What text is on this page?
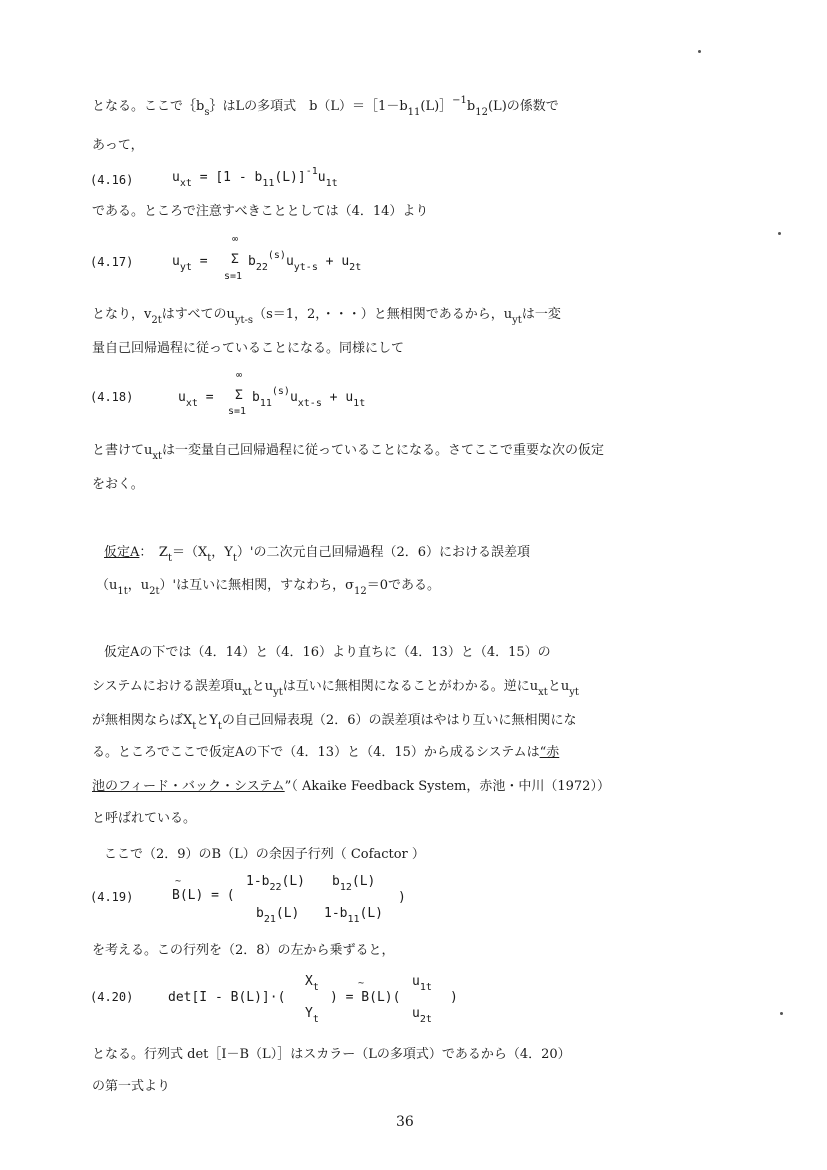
となる。ここで$\{b_s\}$はLの多項式　$b(L)=[1-b_{11}(L)]^{-1}b_{12}(L)$の係数で
あって，
(4.16)	$u_{xt} = [1 - b_{11}(L)]^{-1}u_{1t}$
である。ところで注意すべきこととしては（4．14）より
(4.17)	$u_{yt}$ =
∞
Σ
s=1
$b_{22}^{(s)}u_{yt-s} + u_{2t}$
となり，$v_{2t}$はすべての$u_{yt-s}(s=1$，2，・・・）と無相関であるから，$u_{yt}$は一変
量自己回帰過程に従っていることになる。同様にして
(4.18)	$u_{xt}$ =
∞
Σ
s=1
$b_{11}^{(s)}u_{xt-s} + u_{1t}$
と書けて$u_{xt}$は一変量自己回帰過程に従っていることになる。さてここで重要な次の仮定
をおく。
仮定A：　$Z_t=(X_t$，$Y_t)'$の二次元自己回帰過程（2．6）における誤差項
（$u_{1t}$，$u_{2t})'$は互いに無相関，すなわち，$\sigma_{12}=0$である。
仮定Aの下では（4．14）と（4．16）より直ちに（4．13）と（4．15）の
システムにおける誤差項$u_{xt}$と$u_{yt}$は互いに無相関になることがわかる。逆に$u_{xt}$と$u_{yt}$
が無相関ならば$X_t$と$Y_t$の自己回帰表現（2．6）の誤差項はやはり互いに無相関にな
る。ところでここで仮定Aの下で（4．13）と（4．15）から成るシステムは“赤
池のフィード・バック・システム”（ Akaike Feedback System，赤池・中川（1972））
と呼ばれている。
ここで（2．9）のB（L）の余因子行列（ Cofactor ）
(4.19)
~
B(L) = (
$1-b_{22}(L)$ $b_{12}(L)$
$b_{21}(L)$ $1-b_{11}(L)$
)
を考える。この行列を（2．8）の左から乗ずると，
(4.20)	det[I - B(L)]·(
$X_t$
$Y_t$
~
) = B(L)(
$u_{1t}$
$u_{2t}$
)
となる。行列式 det［I－B（L）］はスカラー（Lの多項式）であるから（4．20）
の第一式より
36
